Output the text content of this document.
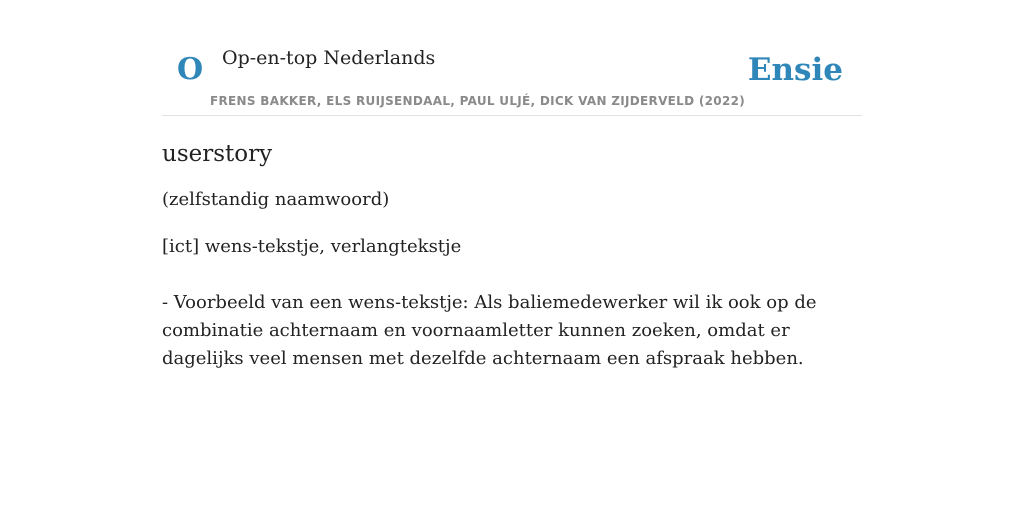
O Op-en-top Nederlands
FRENS BAKKER, ELS RUIJSENDAAL, PAUL ULJÉ, DICK VAN ZIJDERVELD (2022)
Ensie
userstory

(zelfstandig naamwoord)

[ict] wens-tekstje, verlangtekstje

- Voorbeeld van een wens-tekstje: Als baliemedewerker wil ik ook op de combinatie achternaam en voornaamletter kunnen zoeken, omdat er dagelijks veel mensen met dezelfde achternaam een afspraak hebben.
